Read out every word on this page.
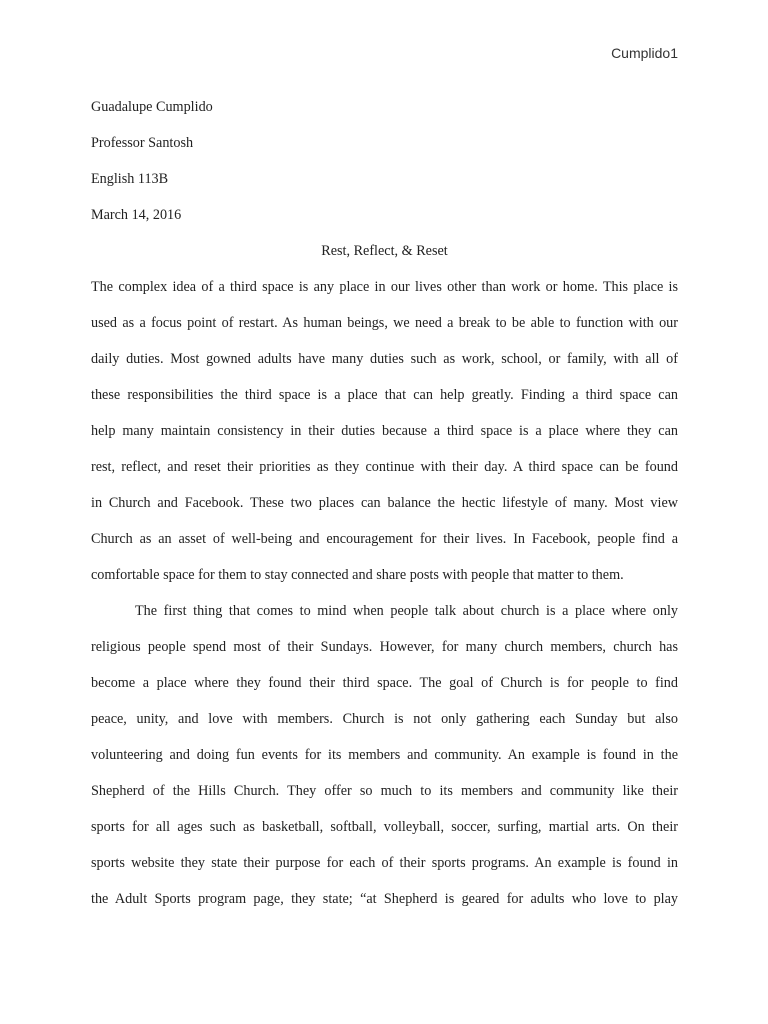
Cumplido1
Guadalupe Cumplido
Professor Santosh
English 113B
March 14, 2016
Rest, Reflect, & Reset
The complex idea of a third space is any place in our lives other than work or home. This place is
used as a focus point of restart. As human beings, we need a break to be able to function with our
daily duties. Most gowned adults have many duties such as work, school, or family, with all of
these responsibilities the third space is a place that can help greatly. Finding a third space can
help many maintain consistency in their duties because a third space is a place where they can
rest, reflect, and reset their priorities as they continue with their day. A third space can be found
in Church and Facebook. These two places can balance the hectic lifestyle of many. Most view
Church as an asset of well-being and encouragement for their lives. In Facebook, people find a
comfortable space for them to stay connected and share posts with people that matter to them.
The first thing that comes to mind when people talk about church is a place where only
religious people spend most of their Sundays. However, for many church members, church has
become a place where they found their third space. The goal of Church is for people to find
peace, unity, and love with members. Church is not only gathering each Sunday but also
volunteering and doing fun events for its members and community. An example is found in the
Shepherd of the Hills Church. They offer so much to its members and community like their
sports for all ages such as basketball, softball, volleyball, soccer, surfing, martial arts. On their
sports website they state their purpose for each of their sports programs. An example is found in
the Adult Sports program page, they state; “at Shepherd is geared for adults who love to play
